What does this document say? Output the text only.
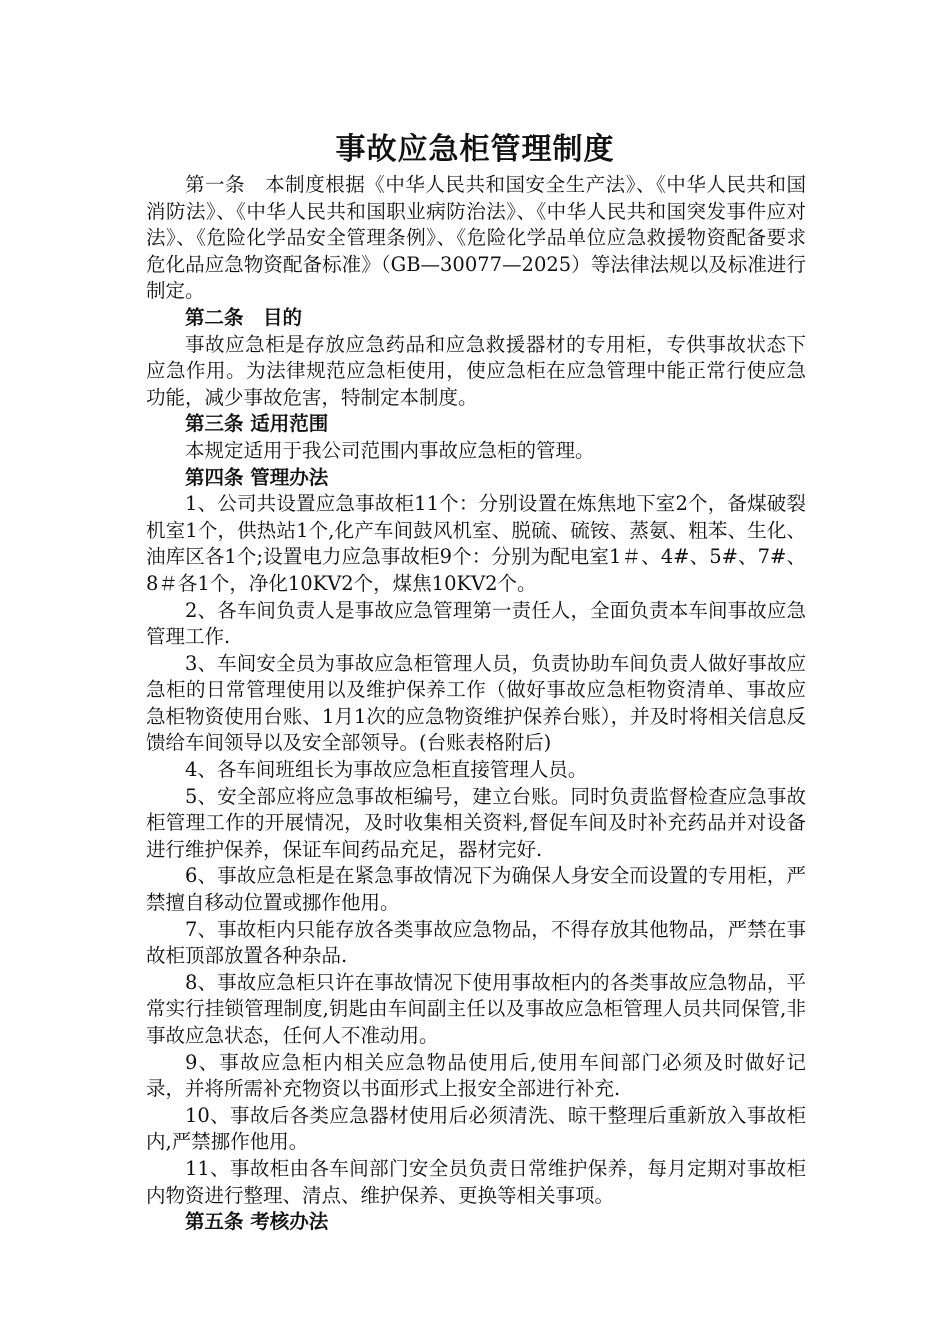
事故应急柜管理制度

第一条　本制度根据《中华人民共和国安全生产法》、《中华人民共和国消防法》、《中华人民共和国职业病防治法》、《中华人民共和国突发事件应对法》、《危险化学品安全管理条例》、《危险化学品单位应急救援物资配备要求危化品应急物资配备标准》（GB—30077—2025）等法律法规以及标准进行制定。

第二条　目的

事故应急柜是存放应急药品和应急救援器材的专用柜，专供事故状态下应急作用。为法律规范应急柜使用，使应急柜在应急管理中能正常行使应急功能，减少事故危害，特制定本制度。

第三条 适用范围

本规定适用于我公司范围内事故应急柜的管理。

第四条 管理办法

1、公司共设置应急事故柜11个：分别设置在炼焦地下室2个，备煤破裂机室1个，供热站1个,化产车间鼓风机室、脱硫、硫铵、蒸氨、粗苯、生化、油库区各1个;设置电力应急事故柜9个：分别为配电室1＃、4#、5#、7#、8＃各1个，净化10KV2个，煤焦10KV2个。

2、各车间负责人是事故应急管理第一责任人，全面负责本车间事故应急管理工作.

3、车间安全员为事故应急柜管理人员，负责协助车间负责人做好事故应急柜的日常管理使用以及维护保养工作（做好事故应急柜物资清单、事故应急柜物资使用台账、1月1次的应急物资维护保养台账），并及时将相关信息反馈给车间领导以及安全部领导。(台账表格附后)

4、各车间班组长为事故应急柜直接管理人员。

5、安全部应将应急事故柜编号，建立台账。同时负责监督检查应急事故柜管理工作的开展情况，及时收集相关资料,督促车间及时补充药品并对设备进行维护保养，保证车间药品充足，器材完好.

6、事故应急柜是在紧急事故情况下为确保人身安全而设置的专用柜，严禁擅自移动位置或挪作他用。

7、事故柜内只能存放各类事故应急物品，不得存放其他物品，严禁在事故柜顶部放置各种杂品.

8、事故应急柜只许在事故情况下使用事故柜内的各类事故应急物品，平常实行挂锁管理制度,钥匙由车间副主任以及事故应急柜管理人员共同保管,非事故应急状态，任何人不准动用。

9、事故应急柜内相关应急物品使用后,使用车间部门必须及时做好记录，并将所需补充物资以书面形式上报安全部进行补充.

10、事故后各类应急器材使用后必须清洗、晾干整理后重新放入事故柜内,严禁挪作他用。

11、事故柜由各车间部门安全员负责日常维护保养，每月定期对事故柜内物资进行整理、清点、维护保养、更换等相关事项。

第五条 考核办法
